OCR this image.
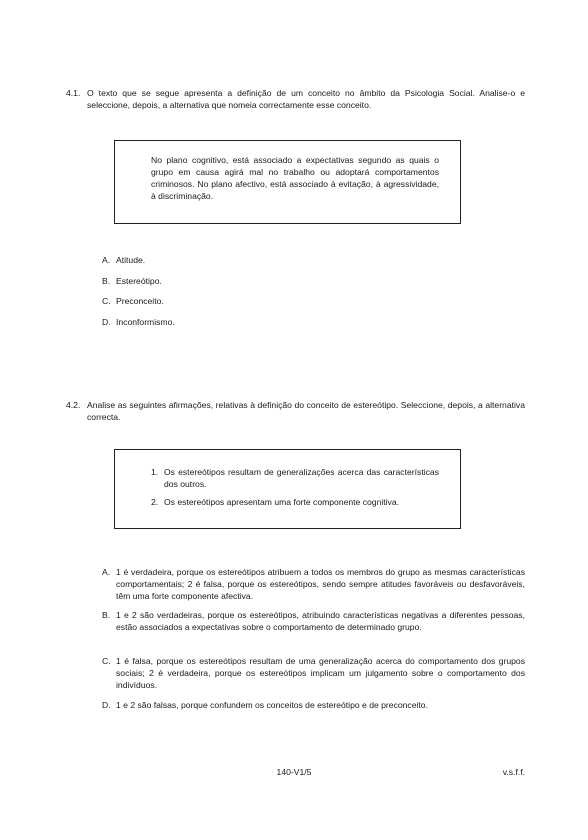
4.1. O texto que se segue apresenta a definição de um conceito no âmbito da Psicologia Social. Analise-o e seleccione, depois, a alternativa que nomeia correctamente esse conceito.
No plano cognitivo, está associado a expectativas segundo as quais o grupo em causa agirá mal no trabalho ou adoptará comportamentos criminosos. No plano afectivo, está associado à evitação, à agressividade, à discriminação.
A. Atitude.
B. Estereótipo.
C. Preconceito.
D. Inconformismo.
4.2. Analise as seguintes afirmações, relativas à definição do conceito de estereótipo. Seleccione, depois, a alternativa correcta.
1. Os estereótipos resultam de generalizações acerca das características dos outros.
2. Os estereótipos apresentam uma forte componente cognitiva.
A. 1 é verdadeira, porque os estereótipos atribuem a todos os membros do grupo as mesmas características comportamentais; 2 é falsa, porque os estereótipos, sendo sempre atitudes favoráveis ou desfavoráveis, têm uma forte componente afectiva.
B. 1 e 2 são verdadeiras, porque os estereótipos, atribuindo características negativas a diferentes pessoas, estão associados a expectativas sobre o comportamento de determinado grupo.
C. 1 é falsa, porque os estereótipos resultam de uma generalização acerca do comportamento dos grupos sociais; 2 é verdadeira, porque os estereótipos implicam um julgamento sobre o comportamento dos indivíduos.
D. 1 e 2 são falsas, porque confundem os conceitos de estereótipo e de preconceito.
140-V1/5	v.s.f.f.
